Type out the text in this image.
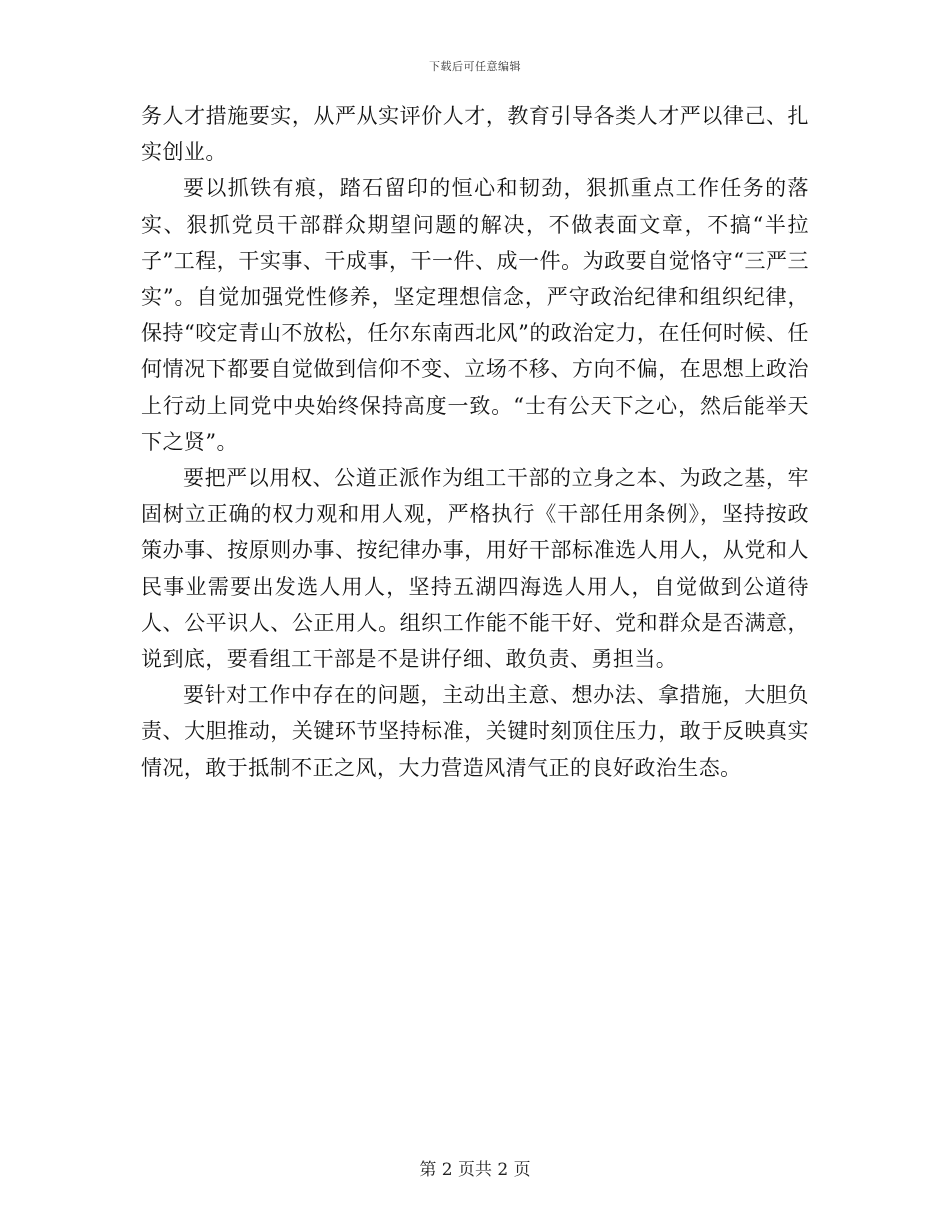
下载后可任意编辑

务人才措施要实，从严从实评价人才，教育引导各类人才严以律己、扎实创业。

要以抓铁有痕，踏石留印的恒心和韧劲，狠抓重点工作任务的落实、狠抓党员干部群众期望问题的解决，不做表面文章，不搞“半拉子”工程，干实事、干成事，干一件、成一件。为政要自觉恪守“三严三实”。自觉加强党性修养，坚定理想信念，严守政治纪律和组织纪律，保持“咬定青山不放松，任尔东南西北风”的政治定力，在任何时候、任何情况下都要自觉做到信仰不变、立场不移、方向不偏，在思想上政治上行动上同党中央始终保持高度一致。“士有公天下之心，然后能举天下之贤”。

要把严以用权、公道正派作为组工干部的立身之本、为政之基，牢固树立正确的权力观和用人观，严格执行《干部任用条例》，坚持按政策办事、按原则办事、按纪律办事，用好干部标准选人用人，从党和人民事业需要出发选人用人，坚持五湖四海选人用人，自觉做到公道待人、公平识人、公正用人。组织工作能不能干好、党和群众是否满意，说到底，要看组工干部是不是讲仔细、敢负责、勇担当。

要针对工作中存在的问题，主动出主意、想办法、拿措施，大胆负责、大胆推动，关键环节坚持标准，关键时刻顶住压力，敢于反映真实情况，敢于抵制不正之风，大力营造风清气正的良好政治生态。

第 2 页共 2 页
